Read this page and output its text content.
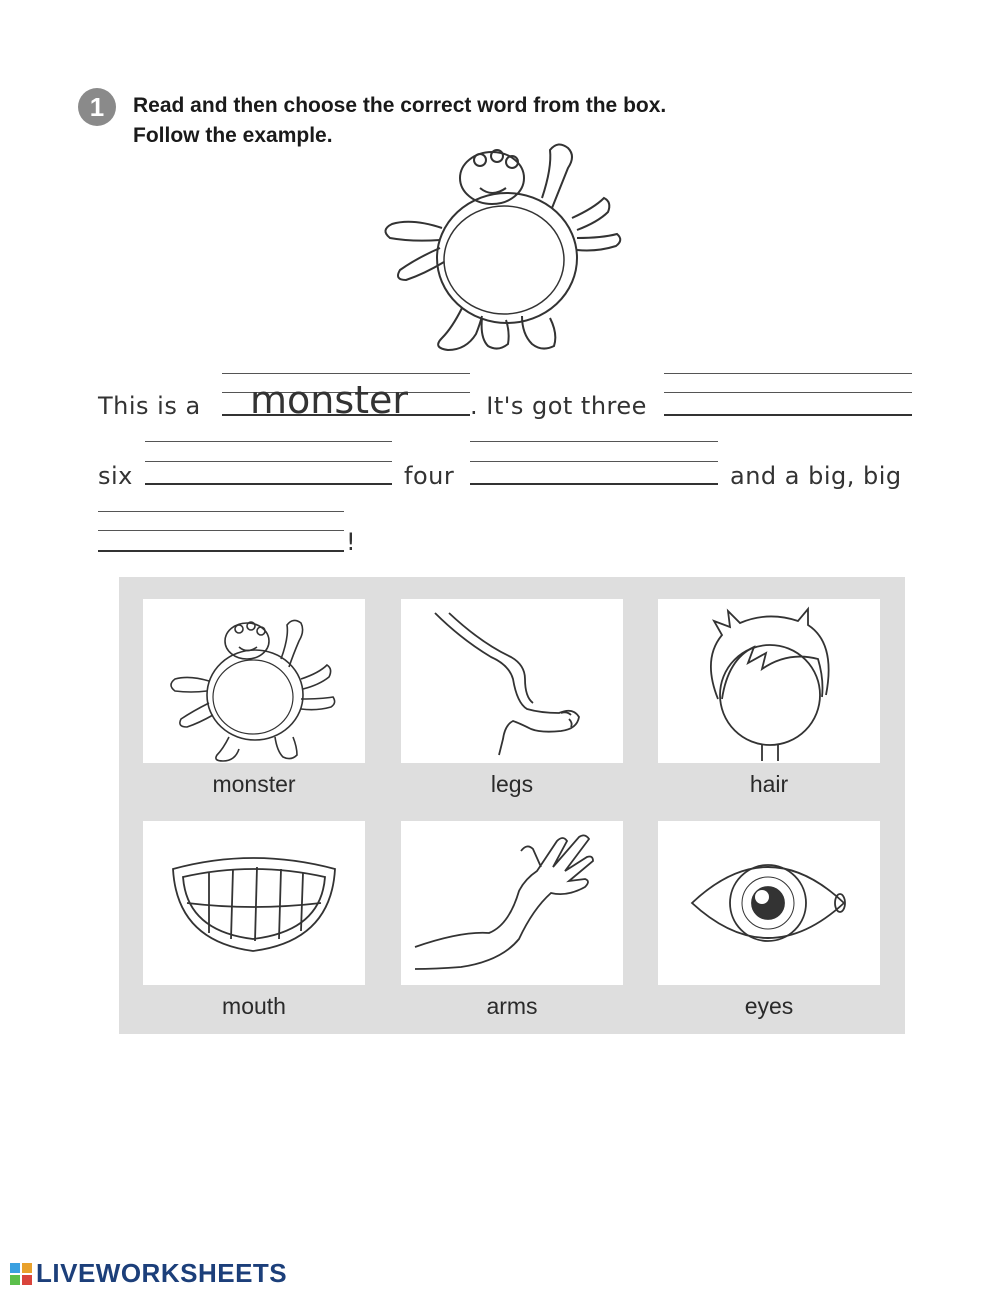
1	Read and then choose the correct word from the box.
Follow the example.
This is a monster	. It's got three
six	four	and a big, big
!
monster	legs	hair
mouth	arms	eyes
LIVEWORKSHEETS
